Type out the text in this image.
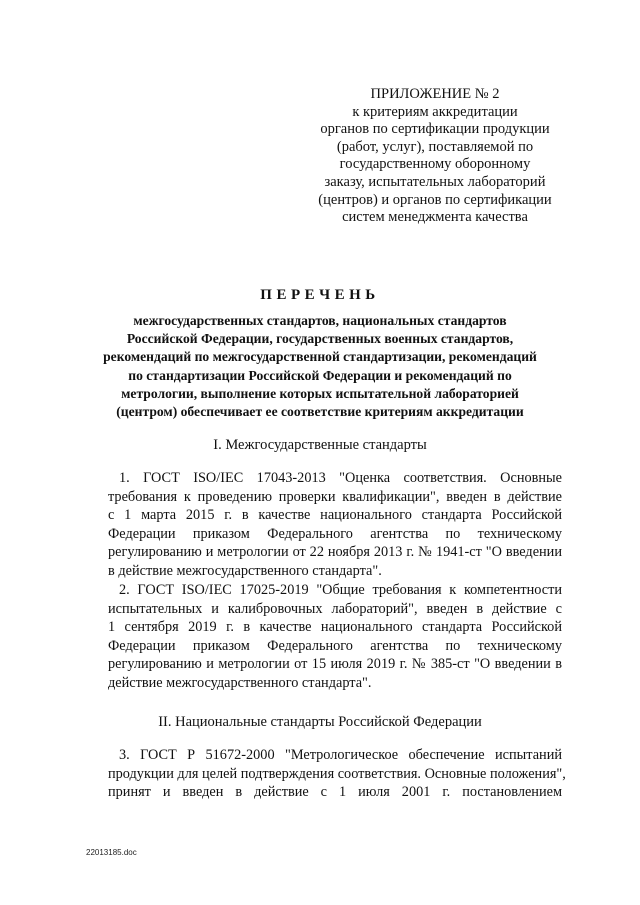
ПРИЛОЖЕНИЕ № 2
к критериям аккредитации
органов по сертификации продукции
(работ, услуг), поставляемой по
государственному оборонному
заказу, испытательных лабораторий
(центров) и органов по сертификации
систем менеджмента качества
ПЕРЕЧЕНЬ
межгосударственных стандартов, национальных стандартов
Российской Федерации, государственных военных стандартов,
рекомендаций по межгосударственной стандартизации, рекомендаций
по стандартизации Российской Федерации и рекомендаций по
метрологии, выполнение которых испытательной лабораторией
(центром) обеспечивает ее соответствие критериям аккредитации
I. Межгосударственные стандарты
1. ГОСТ ISO/IEC 17043-2013 "Оценка соответствия. Основные
требования к проведению проверки квалификации", введен в действие
с 1 марта 2015 г. в качестве национального стандарта Российской
Федерации приказом Федерального агентства по техническому
регулированию и метрологии от 22 ноября 2013 г. № 1941-ст "О введении
в действие межгосударственного стандарта".
2. ГОСТ ISO/IEC 17025-2019 "Общие требования к компетентности
испытательных и калибровочных лабораторий", введен в действие с
1 сентября 2019 г. в качестве национального стандарта Российской
Федерации приказом Федерального агентства по техническому
регулированию и метрологии от 15 июля 2019 г. № 385-ст "О введении в
действие межгосударственного стандарта".
II. Национальные стандарты Российской Федерации
3. ГОСТ Р 51672-2000 "Метрологическое обеспечение испытаний
продукции для целей подтверждения соответствия. Основные положения",
принят и введен в действие с 1 июля 2001 г. постановлением
22013185.doc
